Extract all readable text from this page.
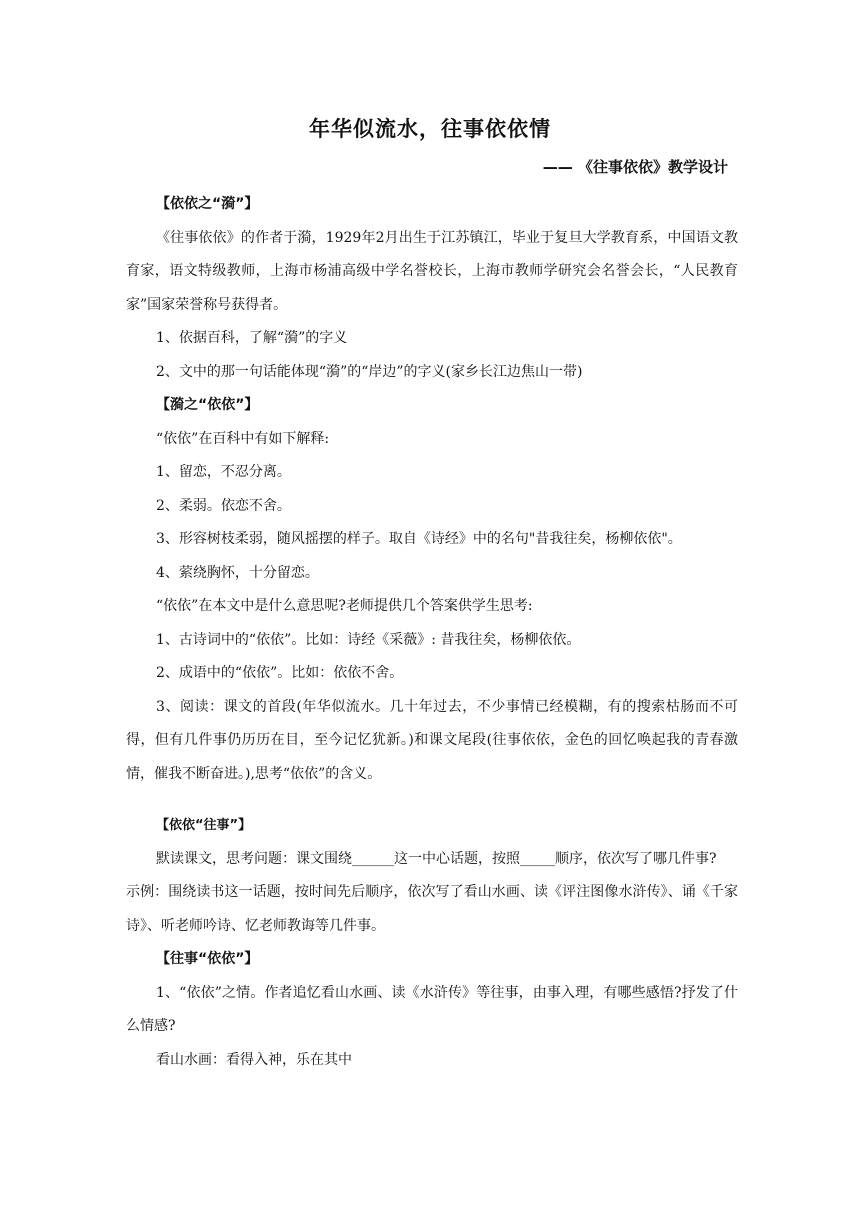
年华似流水，往事依依情
—— 《往事依依》教学设计

【依依之“漪”】

《往事依依》的作者于漪，1929年2月出生于江苏镇江，毕业于复旦大学教育系，中国语文教育家，语文特级教师，上海市杨浦高级中学名誉校长，上海市教师学研究会名誉会长，“人民教育家”国家荣誉称号获得者。

1、依据百科，了解“漪”的字义

2、文中的那一句话能体现“漪”的“岸边”的字义(家乡长江边焦山一带)

【漪之“依依”】

“依依”在百科中有如下解释:

1、留恋，不忍分离。

2、柔弱。依恋不舍。

3、形容树枝柔弱，随风摇摆的样子。取自《诗经》中的名句"昔我往矣，杨柳依依"。

4、萦绕胸怀，十分留恋。

“依依”在本文中是什么意思呢?老师提供几个答案供学生思考:

1、古诗词中的“依依”。比如：诗经《采薇》: 昔我往矣，杨柳依依。

2、成语中的“依依”。比如：依依不舍。

3、阅读：课文的首段(年华似流水。几十年过去，不少事情已经模糊，有的搜索枯肠而不可得，但有几件事仍历历在目，至今记忆犹新。)和课文尾段(往事依依，金色的回忆唤起我的青春激情，催我不断奋进。),思考“依依”的含义。

【依依“往事”】

默读课文，思考问题：课文围绕______这一中心话题，按照_____顺序，依次写了哪几件事?

示例：围绕读书这一话题，按时间先后顺序，依次写了看山水画、读《评注图像水浒传》、诵《千家诗》、听老师吟诗、忆老师教诲等几件事。

【往事“依依”】

1、“依依”之情。作者追忆看山水画、读《水浒传》等往事，由事入理，有哪些感悟?抒发了什么情感?

看山水画：看得入神，乐在其中
